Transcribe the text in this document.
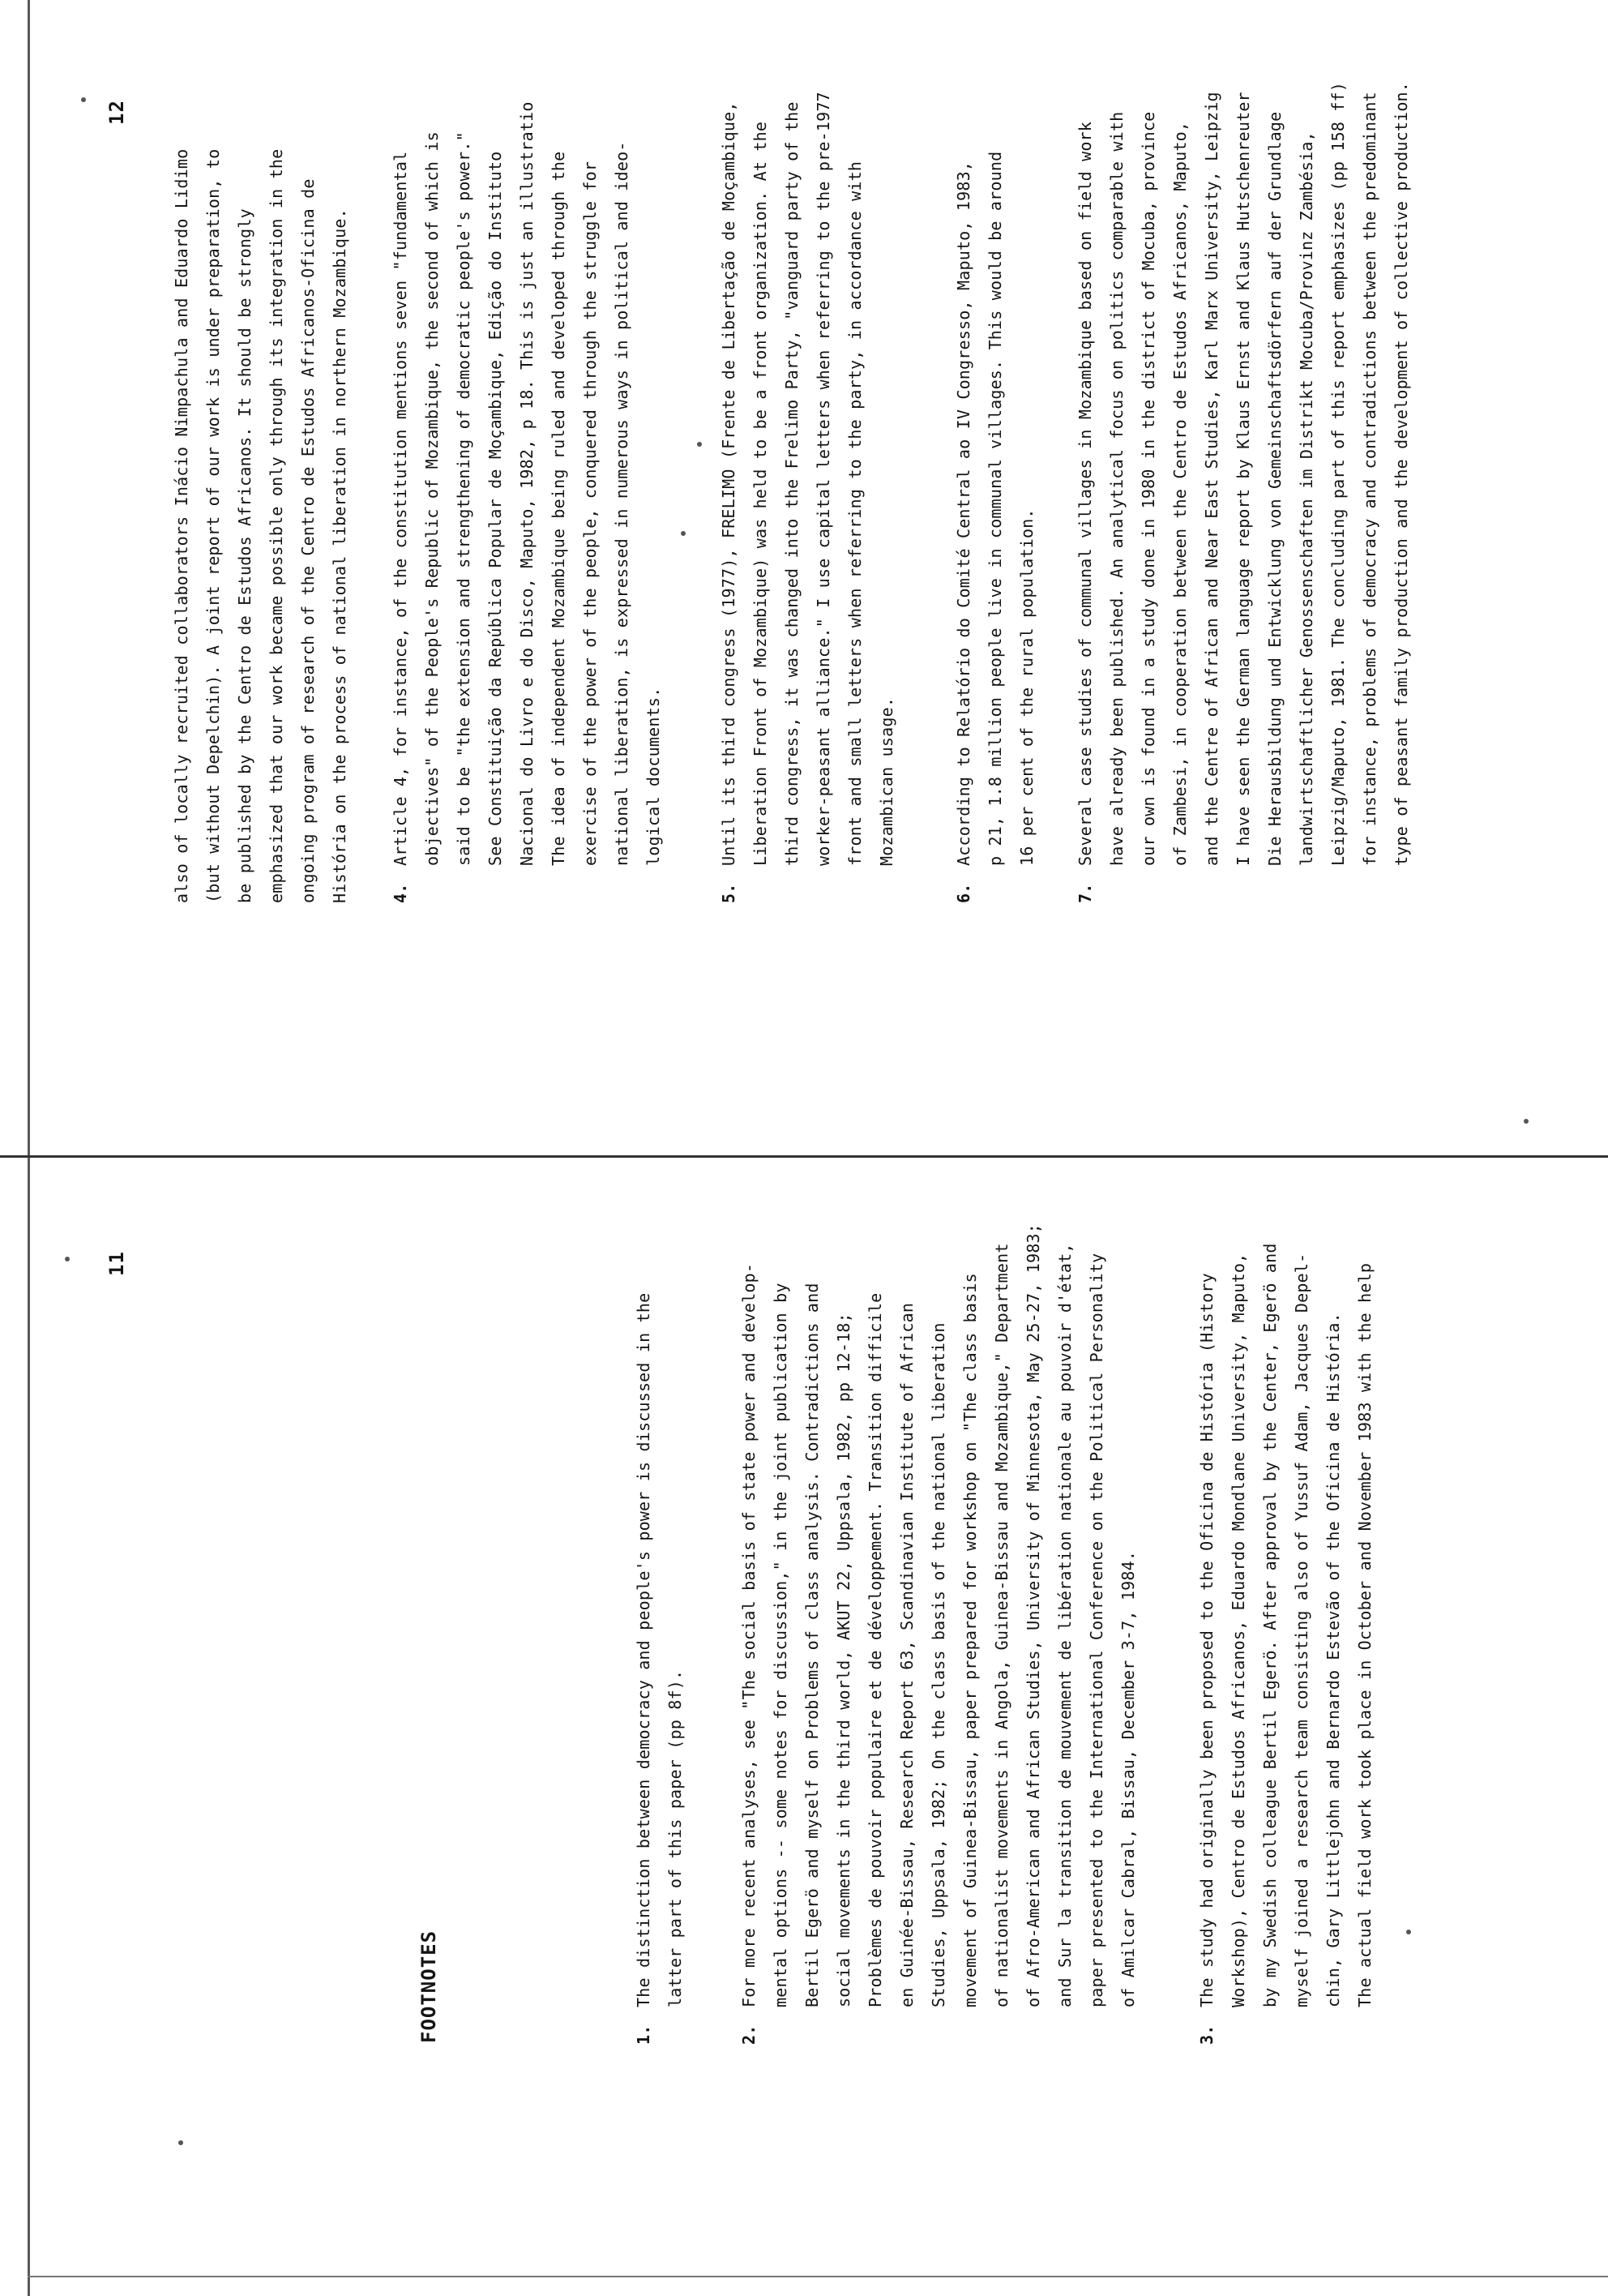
11
FOOTNOTES	1.

The distinction between democracy and people's power is discussed in the
latter part of this paper (pp 8f).

2.

For more recent analyses, see "The social basis of state power and develop-
mental options -- some notes for discussion," in the joint publication by
Bertil Egerö and myself on Problems of class analysis. Contradictions and
social movements in the third world, AKUT 22, Uppsala, 1982, pp 12-18;
Problèmes de pouvoir populaire et de développement. Transition difficile
en Guinée-Bissau, Research Report 63, Scandinavian Institute of African
Studies, Uppsala, 1982; On the class basis of the national liberation
movement of Guinea-Bissau, paper prepared for workshop on "The class basis
of nationalist movements in Angola, Guinea-Bissau and Mozambique," Department
of Afro-American and African Studies, University of Minnesota, May 25-27, 1983;
and Sur la transition de mouvement de libération nationale au pouvoir d'état,
paper presented to the International Conference on the Political Personality
of Amilcar Cabral, Bissau, December 3-7, 1984.

3.

The study had originally been proposed to the Oficina de História (History
Workshop), Centro de Estudos Africanos, Eduardo Mondlane University, Maputo,
by my Swedish colleague Bertil Egerö. After approval by the Center, Egerö and
myself joined a research team consisting also of Yussuf Adam, Jacques Depel-
chin, Gary Littlejohn and Bernardo Estevão of the Oficina de História.
The actual field work took place in October and November 1983 with the help

12

also of locally recruited collaborators Inácio Nimpachula and Eduardo Lidimo
(but without Depelchin). A joint report of our work is under preparation, to
be published by the Centro de Estudos Africanos. It should be strongly
emphasized that our work became possible only through its integration in the
ongoing program of research of the Centro de Estudos Africanos-Oficina de
História on the process of national liberation in northern Mozambique.

4.

Article 4, for instance, of the constitution mentions seven "fundamental
objectives" of the People's Republic of Mozambique, the second of which is
said to be "the extension and strengthening of democratic people's power."
See Constituição da República Popular de Moçambique, Edição do Instituto
Nacional do Livro e do Disco, Maputo, 1982, p 18. This is just an illustratio
The idea of independent Mozambique being ruled and developed through the
exercise of the power of the people, conquered through the struggle for
national liberation, is expressed in numerous ways in political and ideo-
logical documents.

5.

Until its third congress (1977), FRELIMO (Frente de Libertação de Moçambique,
Liberation Front of Mozambique) was held to be a front organization. At the
third congress, it was changed into the Frelimo Party, "vanguard party of the
worker-peasant alliance." I use capital letters when referring to the pre-1977
front and small letters when referring to the party, in accordance with
Mozambican usage.

6.

According to Relatório do Comité Central ao IV Congresso, Maputo, 1983,
p 21, 1.8 million people live in communal villages. This would be around
16 per cent of the rural population.

7.

Several case studies of communal villages in Mozambique based on field work
have already been published. An analytical focus on politics comparable with
our own is found in a study done in 1980 in the district of Mocuba, province
of Zambesi, in cooperation between the Centro de Estudos Africanos, Maputo,
and the Centre of African and Near East Studies, Karl Marx University, Leipzig
I have seen the German language report by Klaus Ernst and Klaus Hutschenreuter
Die Herausbildung und Entwicklung von Gemeinschaftsdörfern auf der Grundlage
landwirtschaftlicher Genossenschaften im Distrikt Mocuba/Provinz Zambésia,
Leipzig/Maputo, 1981. The concluding part of this report emphasizes (pp 158 ff)
for instance, problems of democracy and contradictions between the predominant
type of peasant family production and the development of collective production.
